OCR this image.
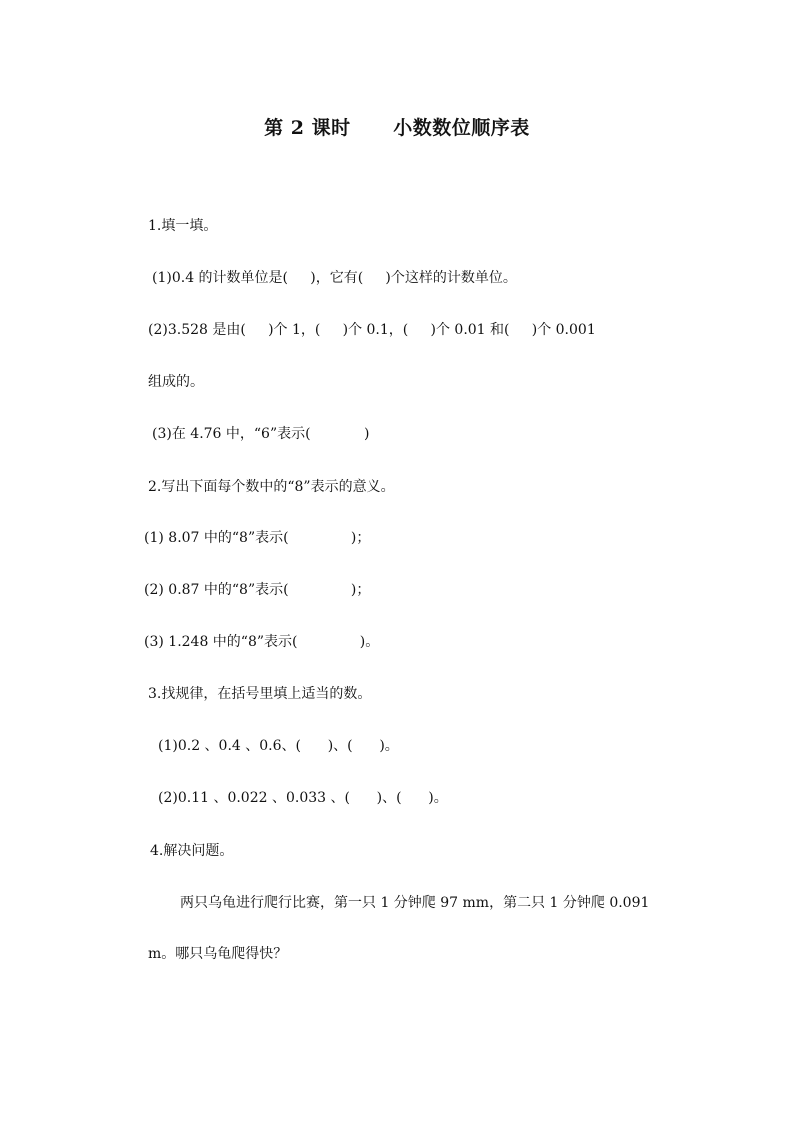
第 2 课时      小数数位顺序表
1.填一填。
(1)0.4 的计数单位是(     )，它有(     )个这样的计数单位。
(2)3.528 是由(     )个 1，(     )个 0.1，(     )个 0.01 和(     )个 0.001
组成的。
(3)在 4.76 中，“6”表示(            )
2.写出下面每个数中的“8”表示的意义。
(1) 8.07 中的“8”表示(              )；
(2) 0.87 中的“8”表示(              )；
(3) 1.248 中的“8”表示(              )。
3.找规律，在括号里填上适当的数。
(1)0.2 、0.4 、0.6、(      )、(      )。
(2)0.11 、0.022 、0.033 、(      )、(      )。
4.解决问题。
两只乌龟进行爬行比赛，第一只 1 分钟爬 97 mm，第二只 1 分钟爬 0.091
m。哪只乌龟爬得快？
